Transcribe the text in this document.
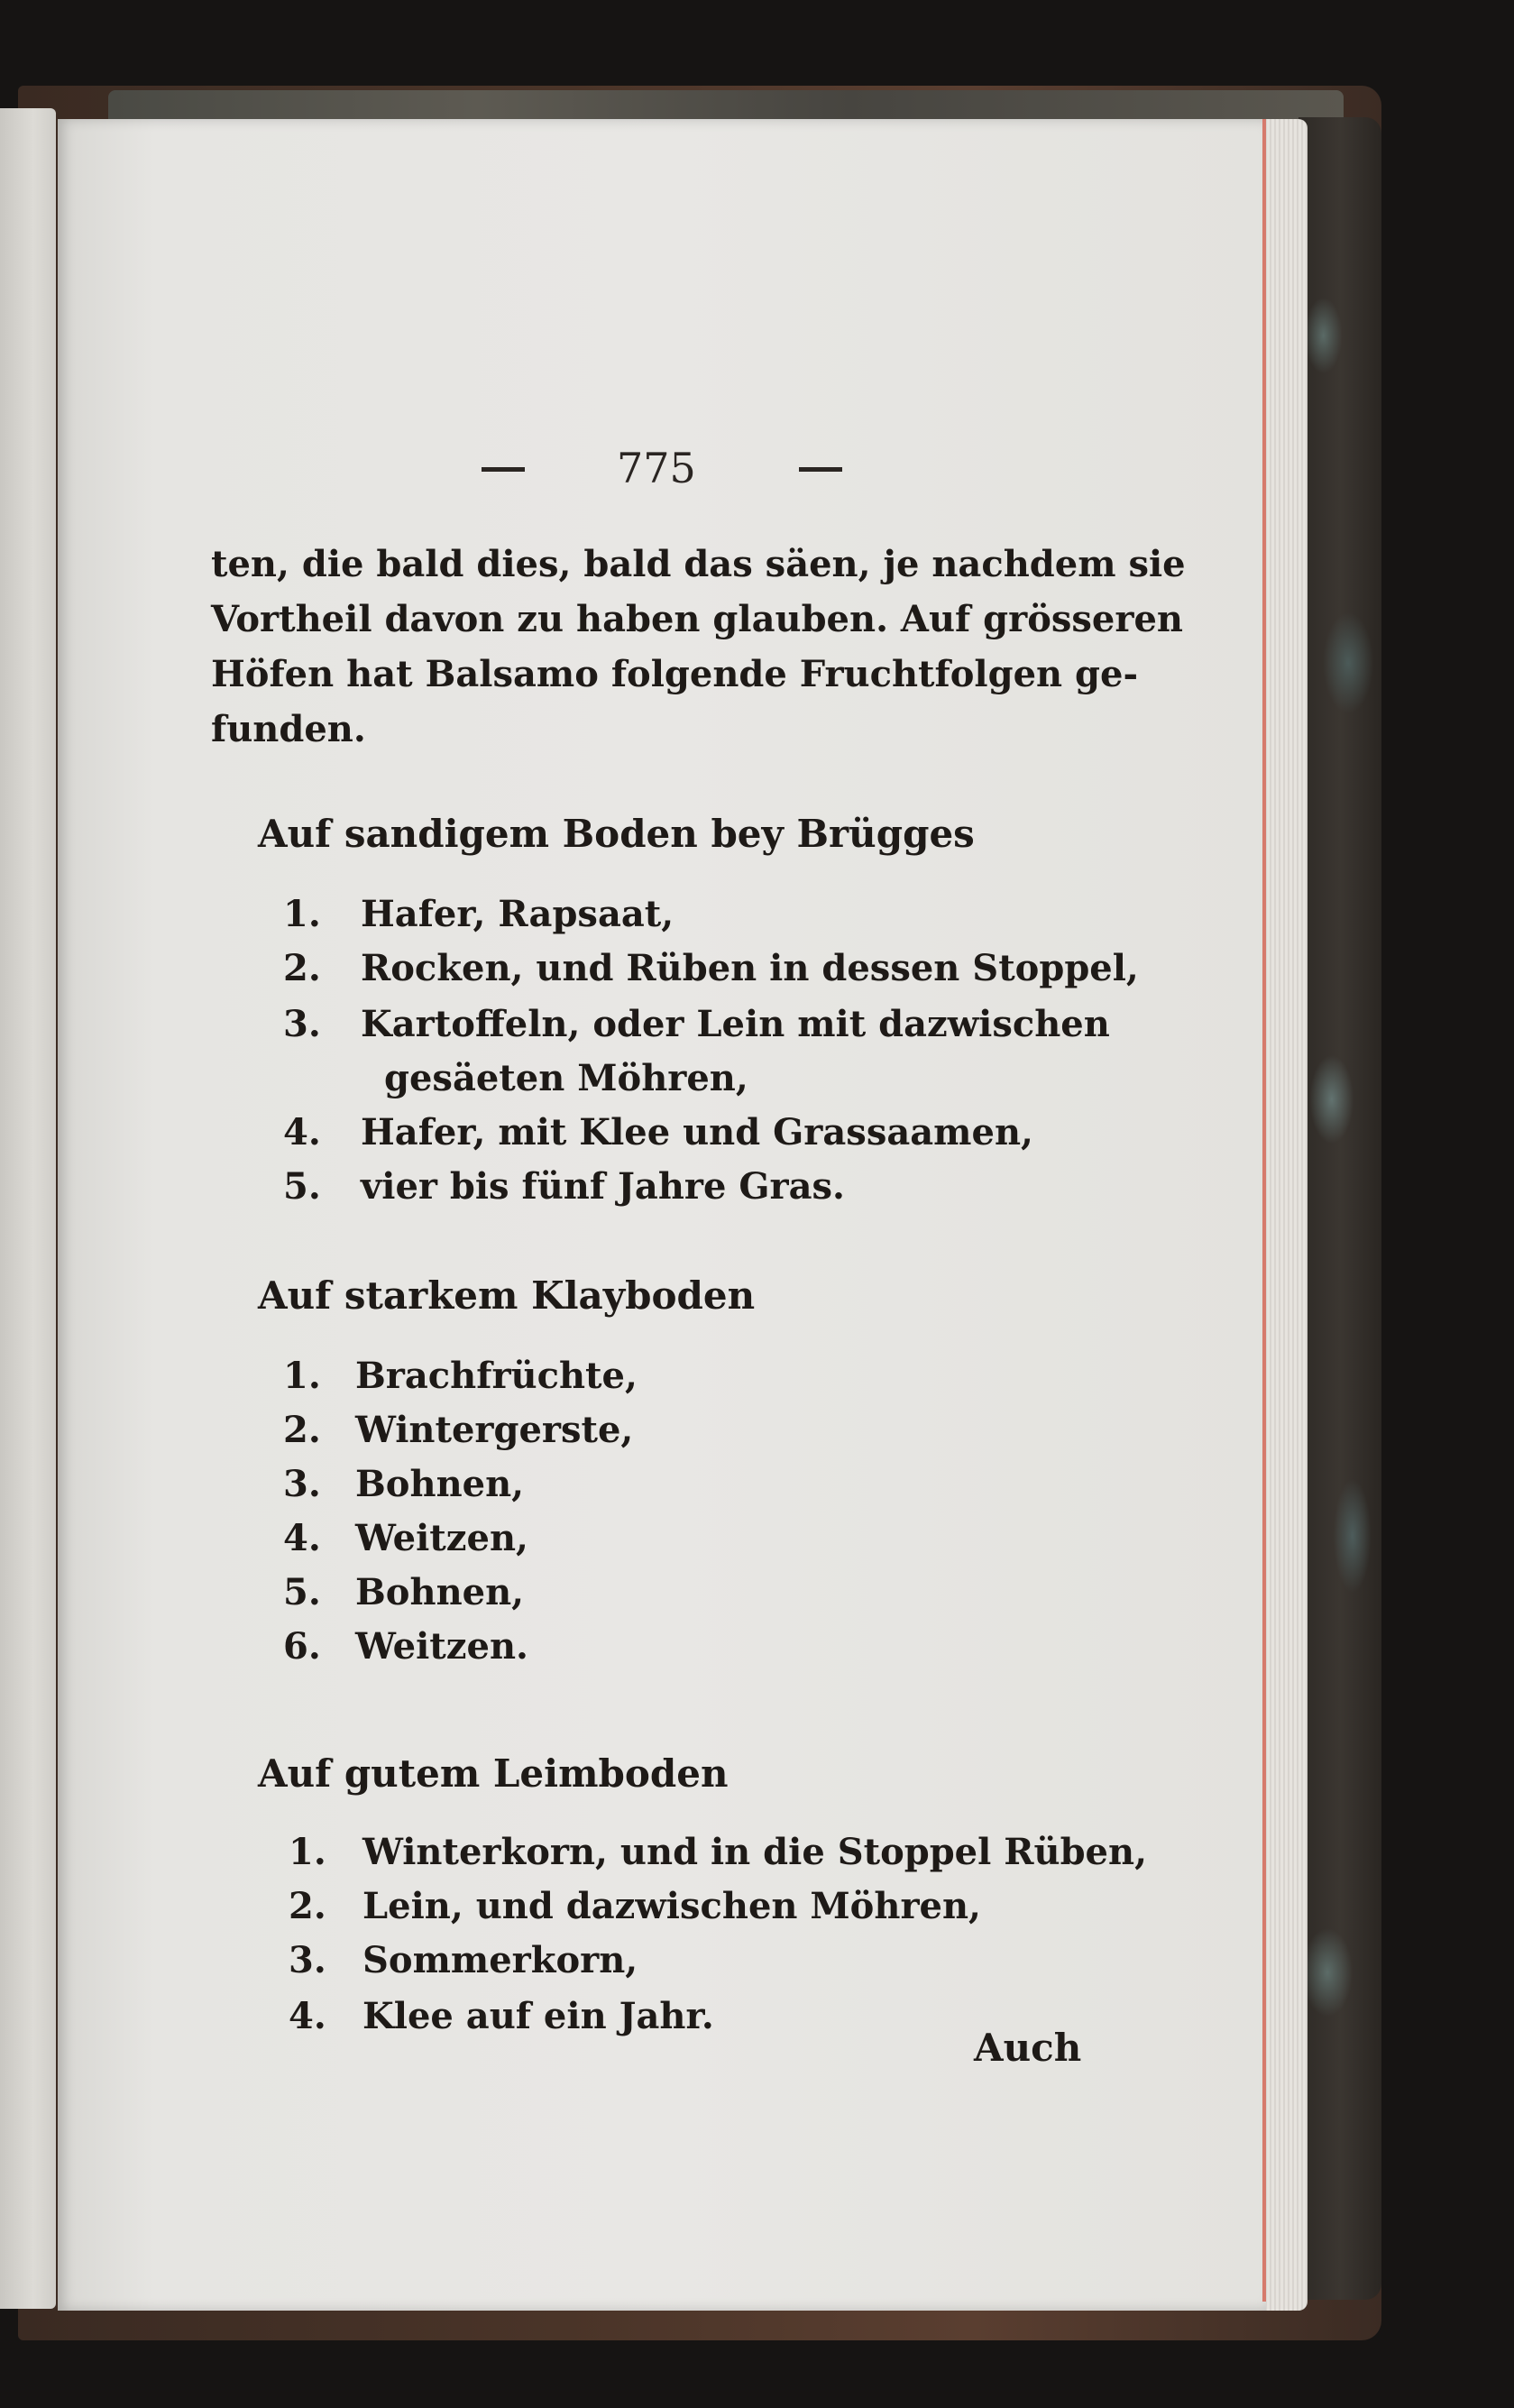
775
ten, die bald dies, bald das säen, je nachdem sie
Vortheil davon zu haben glauben. Auf grösseren
Höfen hat Balsamo folgende Fruchtfolgen ge-
funden.
Auf sandigem Boden bey Brügges
1. Hafer, Rapsaat,
2. Rocken, und Rüben in dessen Stoppel,
3. Kartoffeln, oder Lein mit dazwischen
gesäeten Möhren,
4. Hafer, mit Klee und Grassaamen,
5. vier bis fünf Jahre Gras.
Auf starkem Klayboden
1. Brachfrüchte,
2. Wintergerste,
3. Bohnen,
4. Weitzen,
5. Bohnen,
6. Weitzen.
Auf gutem Leimboden
1. Winterkorn, und in die Stoppel Rüben,
2. Lein, und dazwischen Möhren,
3. Sommerkorn,
4. Klee auf ein Jahr.
Auch
